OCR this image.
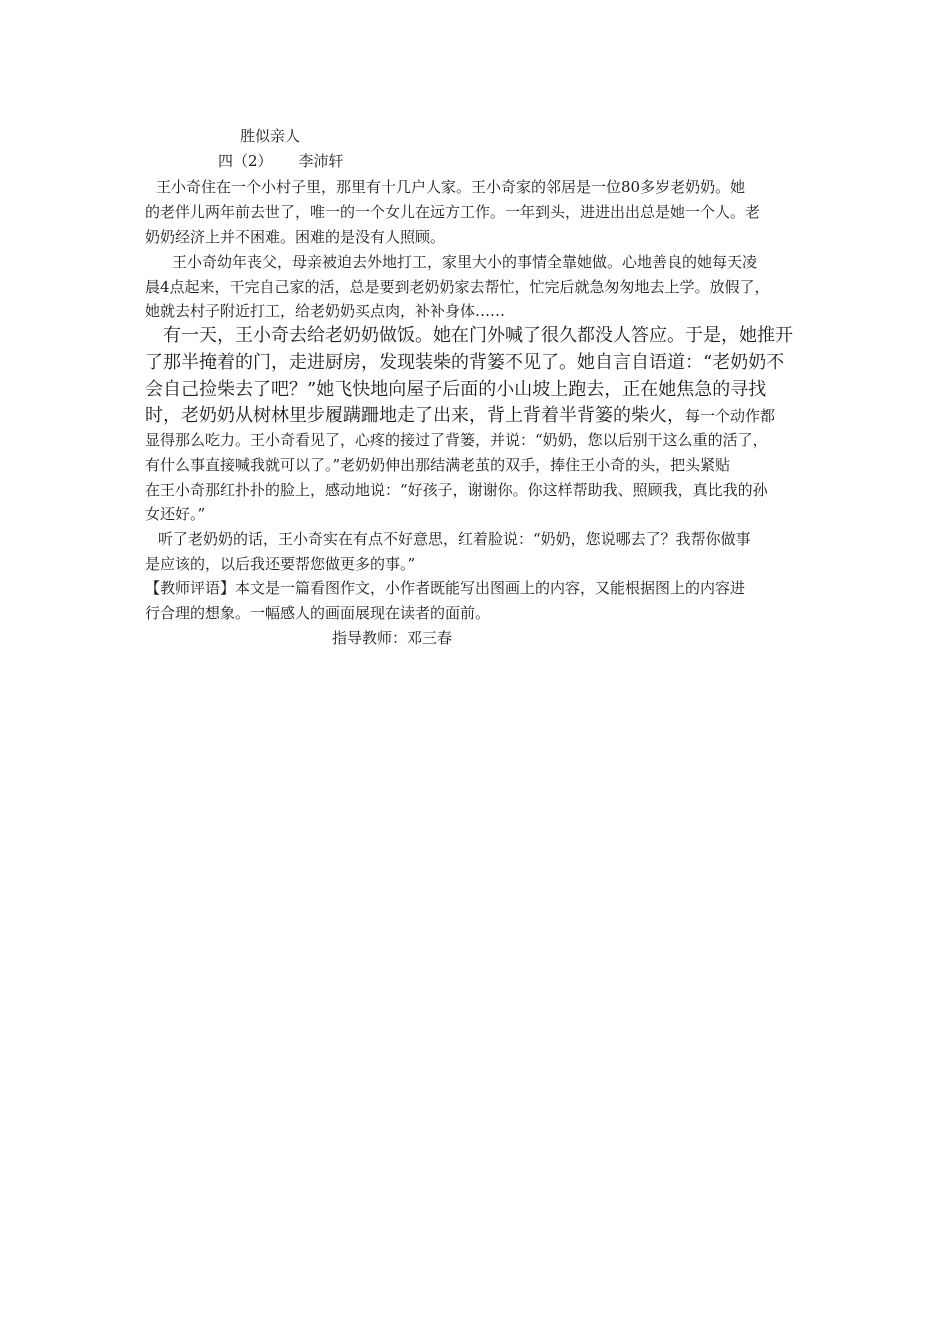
胜似亲人
四（2） 李沛轩
王小奇住在一个小村子里，那里有十几户人家。王小奇家的邻居是一位80多岁老奶奶。她
的老伴儿两年前去世了，唯一的一个女儿在远方工作。一年到头，进进出出总是她一个人。老
奶奶经济上并不困难。困难的是没有人照顾。
王小奇幼年丧父，母亲被迫去外地打工，家里大小的事情全靠她做。心地善良的她每天凌
晨4点起来，干完自己家的活，总是要到老奶奶家去帮忙，忙完后就急匆匆地去上学。放假了，
她就去村子附近打工，给老奶奶买点肉，补补身体……
有一天，王小奇去给老奶奶做饭。她在门外喊了很久都没人答应。于是，她推开
了那半掩着的门，走进厨房，发现装柴的背篓不见了。她自言自语道：“老奶奶不
会自己捡柴去了吧？”她飞快地向屋子后面的小山坡上跑去，正在她焦急的寻找
时，老奶奶从树林里步履蹒跚地走了出来，背上背着半背篓的柴火，每一个动作都
显得那么吃力。王小奇看见了，心疼的接过了背篓，并说：“奶奶，您以后别干这么重的活了，
有什么事直接喊我就可以了。”老奶奶伸出那结满老茧的双手，捧住王小奇的头，把头紧贴
在王小奇那红扑扑的脸上，感动地说：“好孩子，谢谢你。你这样帮助我、照顾我，真比我的孙
女还好。”
听了老奶奶的话，王小奇实在有点不好意思，红着脸说：“奶奶，您说哪去了？我帮你做事
是应该的，以后我还要帮您做更多的事。”
【教师评语】本文是一篇看图作文，小作者既能写出图画上的内容，又能根据图上的内容进
行合理的想象。一幅感人的画面展现在读者的面前。
指导教师：邓三春
